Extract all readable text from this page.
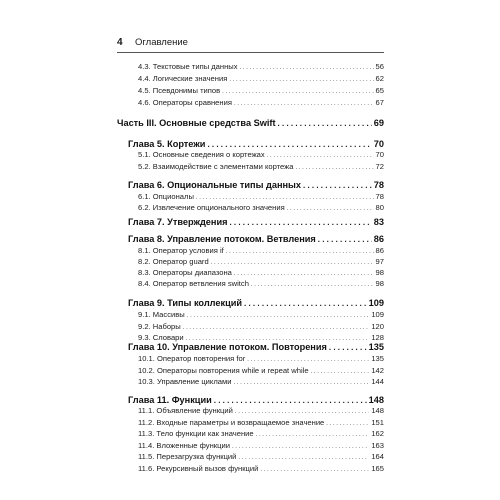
4 Оглавление
4.3. Текстовые типы данных . . .	56
4.4. Логические значения . . .	62
4.5. Псевдонимы типов . . .	65
4.6. Операторы сравнения . . .	67
Часть III. Основные средства Swift . . .	69
Глава 5. Кортежи . . .	70
5.1. Основные сведения о кортежах . . .	70
5.2. Взаимодействие с элементами кортежа . . .	72
Глава 6. Опциональные типы данных . . .	78
6.1. Опционалы . . .	78
6.2. Извлечение опционального значения . . .	80
Глава 7. Утверждения . . .	83
Глава 8. Управление потоком. Ветвления . . .	86
8.1. Оператор условия if . . .	86
8.2. Оператор guard . . .	97
8.3. Операторы диапазона . . .	98
8.4. Оператор ветвления switch . . .	98
Глава 9. Типы коллекций . . .	109
9.1. Массивы . . .	109
9.2. Наборы . . .	120
9.3. Словари . . .	128
Глава 10. Управление потоком. Повторения . . .	135
10.1. Оператор повторения for . . .	135
10.2. Операторы повторения while и repeat while . . .	142
10.3. Управление циклами . . .	144
Глава 11. Функции . . .	148
11.1. Объявление функций . . .	148
11.2. Входные параметры и возвращаемое значение . . .	151
11.3. Тело функции как значение . . .	162
11.4. Вложенные функции . . .	163
11.5. Перезагрузка функций . . .	164
11.6. Рекурсивный вызов функций . . .	165
